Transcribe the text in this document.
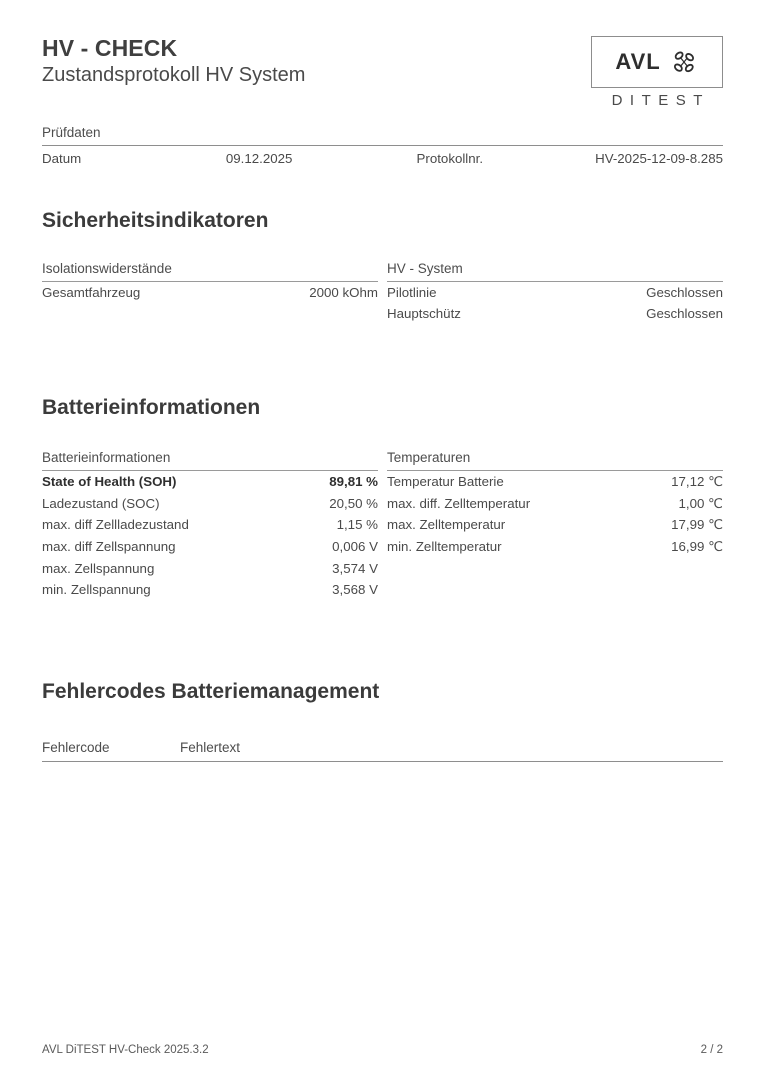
HV - CHECK
Zustandsprotokoll HV System
AVL
DITEST
Prüfdaten
Datum	09.12.2025	Protokollnr.	HV-2025-12-09-8.285
Sicherheitsindikatoren
Isolationswiderstände
Gesamtfahrzeug	2000 kOhm
HV - System
Pilotlinie	Geschlossen
Hauptschütz	Geschlossen
Batterieinformationen
Batterieinformationen
State of Health (SOH)	89,81 %
Ladezustand (SOC)	20,50 %
max. diff Zellladezustand	1,15 %
max. diff Zellspannung	0,006 V
max. Zellspannung	3,574 V
min. Zellspannung	3,568 V
Temperaturen
Temperatur Batterie	17,12 ℃
max. diff. Zelltemperatur	1,00 ℃
max. Zelltemperatur	17,99 ℃
min. Zelltemperatur	16,99 ℃
Fehlercodes Batteriemanagement
Fehlercode	Fehlertext
AVL DiTEST HV-Check 2025.3.2	2 / 2
